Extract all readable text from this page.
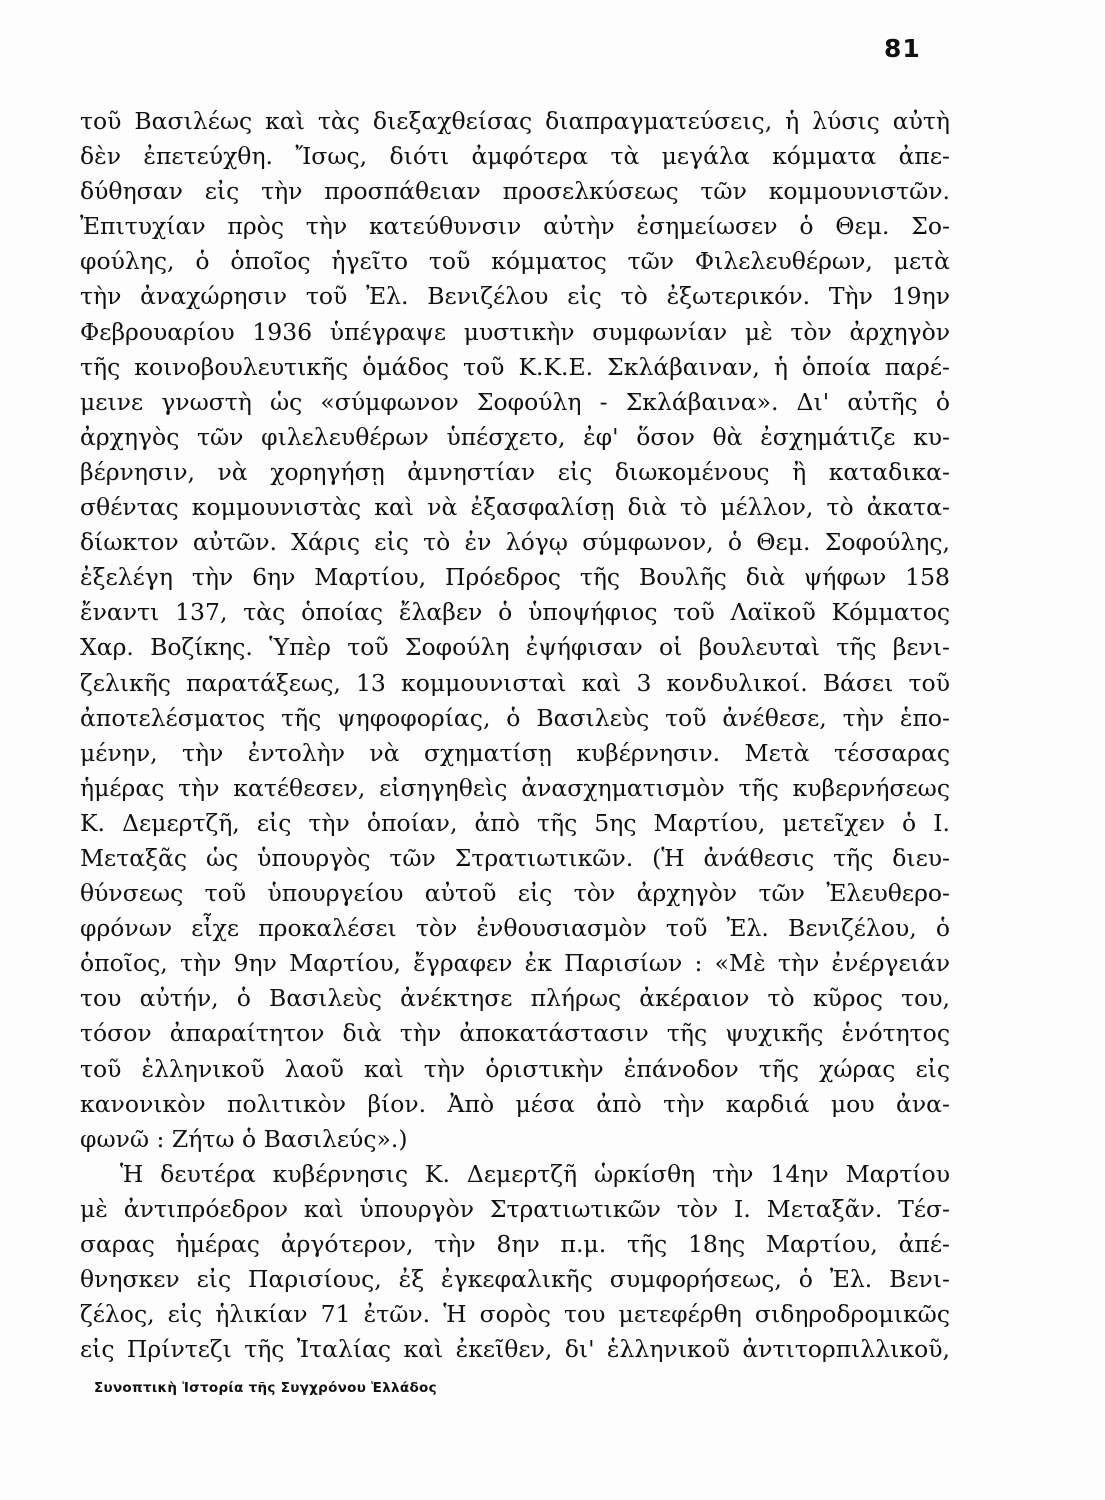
81
τοῦ Βασιλέως καὶ τὰς διεξαχθείσας διαπραγματεύσεις, ἡ λύσις αὐτὴ
δὲν ἐπετεύχθη. Ἴσως, διότι ἀμφότερα τὰ μεγάλα κόμματα ἀπε-
δύθησαν εἰς τὴν προσπάθειαν προσελκύσεως τῶν κομμουνιστῶν.
Ἐπιτυχίαν πρὸς τὴν κατεύθυνσιν αὐτὴν ἐσημείωσεν ὁ Θεμ. Σο-
φούλης, ὁ ὁποῖος ἡγεῖτο τοῦ κόμματος τῶν Φιλελευθέρων, μετὰ
τὴν ἀναχώρησιν τοῦ Ἐλ. Βενιζέλου εἰς τὸ ἐξωτερικόν. Τὴν 19ην
Φεβρουαρίου 1936 ὑπέγραψε μυστικὴν συμφωνίαν μὲ τὸν ἀρχηγὸν
τῆς κοινοβουλευτικῆς ὁμάδος τοῦ Κ.Κ.Ε. Σκλάβαιναν, ἡ ὁποία παρέ-
μεινε γνωστὴ ὡς «σύμφωνον Σοφούλη - Σκλάβαινα». Δι' αὐτῆς ὁ
ἀρχηγὸς τῶν φιλελευθέρων ὑπέσχετο, ἐφ' ὅσον θὰ ἐσχημάτιζε κυ-
βέρνησιν, νὰ χορηγήσῃ ἀμνηστίαν εἰς διωκομένους ἢ καταδικα-
σθέντας κομμουνιστὰς καὶ νὰ ἐξασφαλίσῃ διὰ τὸ μέλλον, τὸ ἀκατα-
δίωκτον αὐτῶν. Χάρις εἰς τὸ ἐν λόγῳ σύμφωνον, ὁ Θεμ. Σοφούλης,
ἐξελέγη τὴν 6ην Μαρτίου, Πρόεδρος τῆς Βουλῆς διὰ ψήφων 158
ἔναντι 137, τὰς ὁποίας ἔλαβεν ὁ ὑποψήφιος τοῦ Λαϊκοῦ Κόμματος
Χαρ. Βοζίκης. Ὑπὲρ τοῦ Σοφούλη ἐψήφισαν οἱ βουλευταὶ τῆς βενι-
ζελικῆς παρατάξεως, 13 κομμουνισταὶ καὶ 3 κονδυλικοί. Βάσει τοῦ
ἀποτελέσματος τῆς ψηφοφορίας, ὁ Βασιλεὺς τοῦ ἀνέθεσε, τὴν ἑπο-
μένην, τὴν ἐντολὴν νὰ σχηματίσῃ κυβέρνησιν. Μετὰ τέσσαρας
ἡμέρας τὴν κατέθεσεν, εἰσηγηθεὶς ἀνασχηματισμὸν τῆς κυβερνήσεως
Κ. Δεμερτζῆ, εἰς τὴν ὁποίαν, ἀπὸ τῆς 5ης Μαρτίου, μετεῖχεν ὁ Ι.
Μεταξᾶς ὡς ὑπουργὸς τῶν Στρατιωτικῶν. (Ἡ ἀνάθεσις τῆς διευ-
θύνσεως τοῦ ὑπουργείου αὐτοῦ εἰς τὸν ἀρχηγὸν τῶν Ἐλευθερο-
φρόνων εἶχε προκαλέσει τὸν ἐνθουσιασμὸν τοῦ Ἐλ. Βενιζέλου, ὁ
ὁποῖος, τὴν 9ην Μαρτίου, ἔγραφεν ἐκ Παρισίων : «Μὲ τὴν ἐνέργειάν
του αὐτήν, ὁ Βασιλεὺς ἀνέκτησε πλήρως ἀκέραιον τὸ κῦρος του,
τόσον ἀπαραίτητον διὰ τὴν ἀποκατάστασιν τῆς ψυχικῆς ἑνότητος
τοῦ ἑλληνικοῦ λαοῦ καὶ τὴν ὁριστικὴν ἐπάνοδον τῆς χώρας εἰς
κανονικὸν πολιτικὸν βίον. Ἀπὸ μέσα ἀπὸ τὴν καρδιά μου ἀνα-
φωνῶ : Ζήτω ὁ Βασιλεύς».)
Ἡ δευτέρα κυβέρνησις Κ. Δεμερτζῆ ὡρκίσθη τὴν 14ην Μαρτίου
μὲ ἀντιπρόεδρον καὶ ὑπουργὸν Στρατιωτικῶν τὸν Ι. Μεταξᾶν. Τέσ-
σαρας ἡμέρας ἀργότερον, τὴν 8ην π.μ. τῆς 18ης Μαρτίου, ἀπέ-
θνησκεν εἰς Παρισίους, ἐξ ἐγκεφαλικῆς συμφορήσεως, ὁ Ἐλ. Βενι-
ζέλος, εἰς ἡλικίαν 71 ἐτῶν. Ἡ σορὸς του μετεφέρθη σιδηροδρομικῶς
εἰς Πρίντεζι τῆς Ἰταλίας καὶ ἐκεῖθεν, δι' ἑλληνικοῦ ἀντιτορπιλλικοῦ,
Συνοπτικὴ Ἱστορία τῆς Συγχρόνου Ἑλλάδος
